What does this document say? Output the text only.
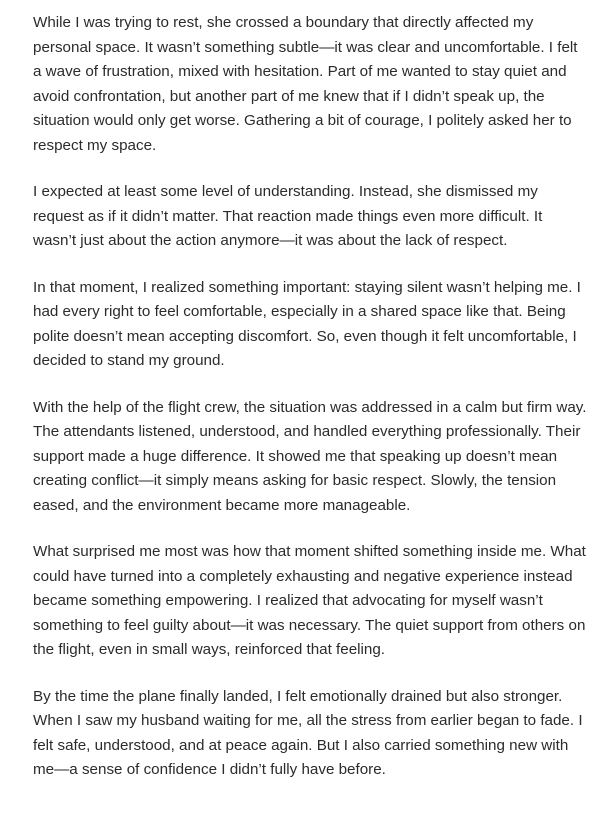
While I was trying to rest, she crossed a boundary that directly affected my personal space. It wasn’t something subtle—it was clear and uncomfortable. I felt a wave of frustration, mixed with hesitation. Part of me wanted to stay quiet and avoid confrontation, but another part of me knew that if I didn’t speak up, the situation would only get worse. Gathering a bit of courage, I politely asked her to respect my space.

I expected at least some level of understanding. Instead, she dismissed my request as if it didn’t matter. That reaction made things even more difficult. It wasn’t just about the action anymore—it was about the lack of respect.

In that moment, I realized something important: staying silent wasn’t helping me. I had every right to feel comfortable, especially in a shared space like that. Being polite doesn’t mean accepting discomfort. So, even though it felt uncomfortable, I decided to stand my ground.

With the help of the flight crew, the situation was addressed in a calm but firm way. The attendants listened, understood, and handled everything professionally. Their support made a huge difference. It showed me that speaking up doesn’t mean creating conflict—it simply means asking for basic respect. Slowly, the tension eased, and the environment became more manageable.

What surprised me most was how that moment shifted something inside me. What could have turned into a completely exhausting and negative experience instead became something empowering. I realized that advocating for myself wasn’t something to feel guilty about—it was necessary. The quiet support from others on the flight, even in small ways, reinforced that feeling.

By the time the plane finally landed, I felt emotionally drained but also stronger. When I saw my husband waiting for me, all the stress from earlier began to fade. I felt safe, understood, and at peace again. But I also carried something new with me—a sense of confidence I didn’t fully have before.
